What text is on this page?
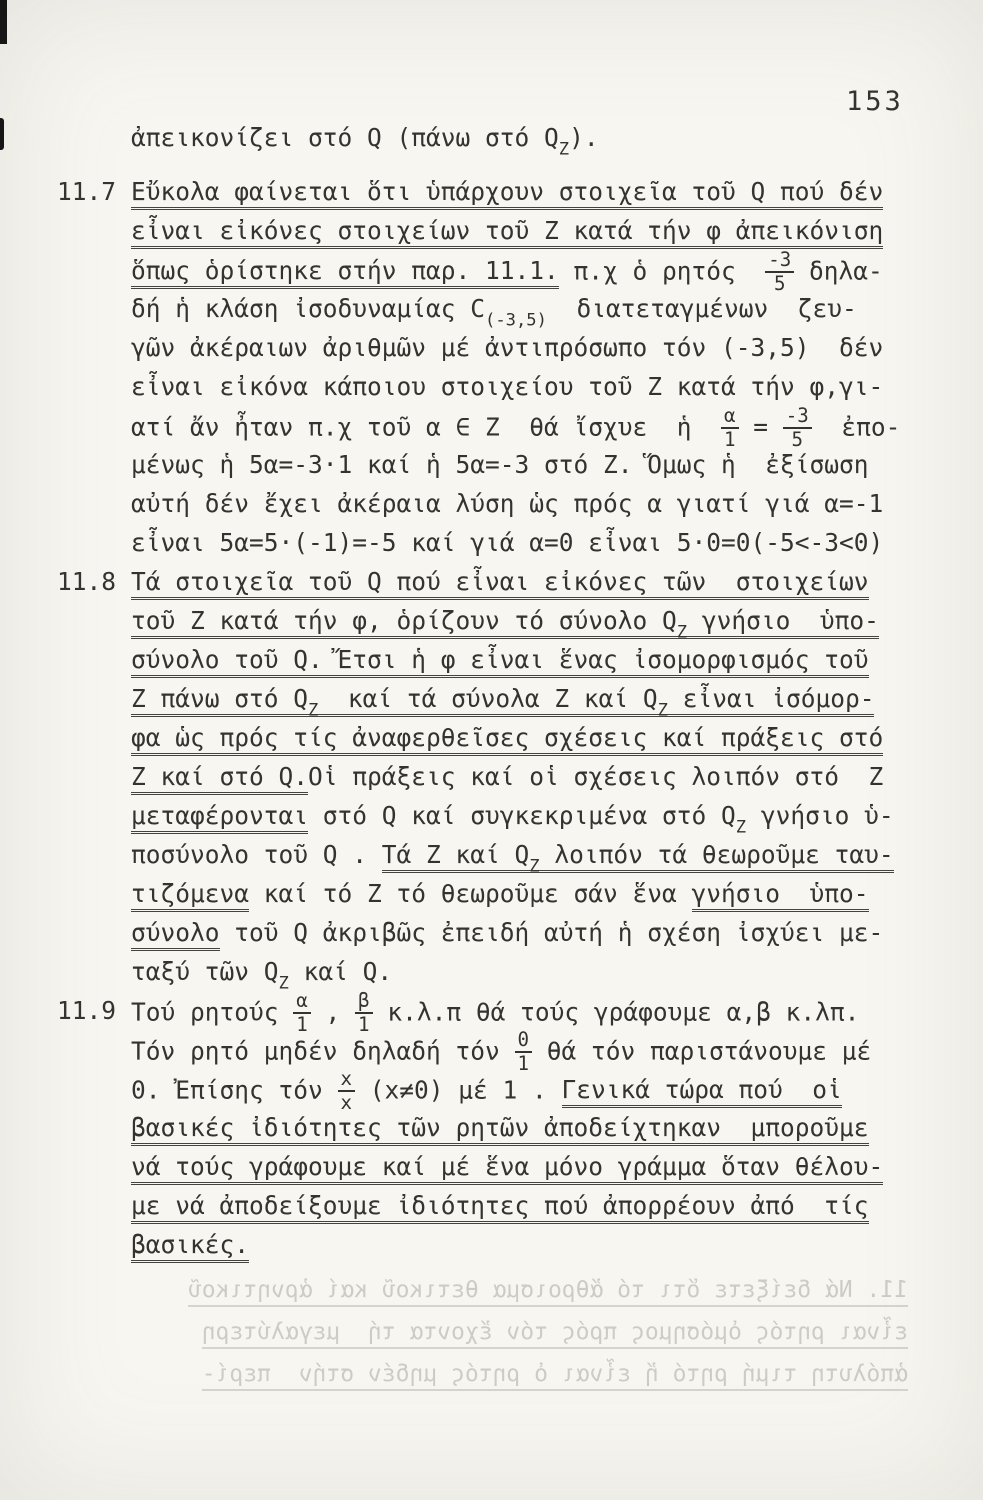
153
ἀπεικονίζει στό Q (πάνω στό $Q_Z$).
11.7 Εὔκολα φαίνεται ὅτι ὑπάρχουν στοιχεῖα τοῦ Q πού δέν
εἶναι εἰκόνες στοιχείων τοῦ Z κατά τήν φ ἀπεικόνιση
ὅπως ὁρίστηκε στήν παρ. 11.1. π.χ ὁ ρητός $\frac{-3}{5} \delta\eta\lambda\alpha-$
δή ἡ κλάση ἰσοδυναμίας $C_{(-3,5)}$  διατεταγμένων  ζευ-
γῶν ἀκέραιων ἀριθμῶν μέ ἀντιπρόσωπο τόν (-3,5)  δέν
εἶναι εἰκόνα κάποιου στοιχείου τοῦ Z κατά τήν φ,γι-
ατί ἄν ἦταν π.χ τοῦ α ∈ Z  θά ἴσχυε  ἡ $\frac{\alpha}{1} = \frac{-3}{5}$ ἐπο-
μένως ἡ 5α=-3·1 καί ἡ 5α=-3 στό Z. Ὅμως ἡ  ἐξίσωση
αὐτή δέν ἔχει ἀκέραια λύση ὡς πρός α γιατί γιά α=-1
εἶναι 5α=5·(-1)=-5 καί γιά α=0 εἶναι 5·0=0(-5<-3<0)
11.8 Τά στοιχεῖα τοῦ Q πού εἶναι εἰκόνες τῶν  στοιχείων
τοῦ Z κατά τήν φ, ὁρίζουν τό σύνολο $Q_Z$ γνήσιο  ὑπο-
σύνολο τοῦ Q. Ἔτσι ἡ φ εἶναι ἕνας ἰσομορφισμός τοῦ
Z πάνω στό $Q_Z$  καί τά σύνολα Z καί $Q_Z$ εἶναι ἰσόμορ-
φα ὡς πρός τίς ἀναφερθεῖσες σχέσεις καί πράξεις στό
Z καί στό Q.Οἱ πράξεις καί οἱ σχέσεις λοιπόν στό  Z
μεταφέρονται στό Q καί συγκεκριμένα στό $Q_Z$ γνήσιο ὑ-
ποσύνολο τοῦ Q . Τά Z καί $Q_Z$ λοιπόν τά θεωροῦμε ταυ-
τιζόμενα καί τό Z τό θεωροῦμε σάν ἕνα γνήσιο  ὑπο-
σύνολο τοῦ Q ἀκριβῶς ἐπειδή αὐτή ἡ σχέση ἰσχύει με-
ταξύ τῶν $Q_Z$ καί Q.
11.9 Τού ρητούς $\frac{\alpha}{1}$ , $\frac{\beta}{1} \kappa.\lambda.\pi$ θά τούς γράφουμε α,β κ.λπ.
Τόν ρητό μηδέν δηλαδή τόν $\frac{0}{1}$ θά τόν παριστάνουμε μέ
0. Ἐπίσης τόν $\frac{x}{x} (x\ne 0)$ μέ 1 . Γενικά τώρα πού  οἱ
βασικές ἰδιότητες τῶν ρητῶν ἀποδείχτηκαν  μποροῦμε
νά τούς γράφουμε καί μέ ἕνα μόνο γράμμα ὅταν θέλου-
με νά ἀποδείξουμε ἰδιότητες πού ἀπορρέουν ἀπό  τίς
βασικές.
11. Νά δείξετε ὅτι τό ἄθροισμα θετικοῦ καί ἀρνητικοῦ
εἶναι ρητός ὁμόσημος πρός τόν ἔχοντα τή  μεγαλύτερη
ἀπόλυτη τιμή ρητό ἤ εἶναι ὁ ρητός μηδέν στήν  περί-
